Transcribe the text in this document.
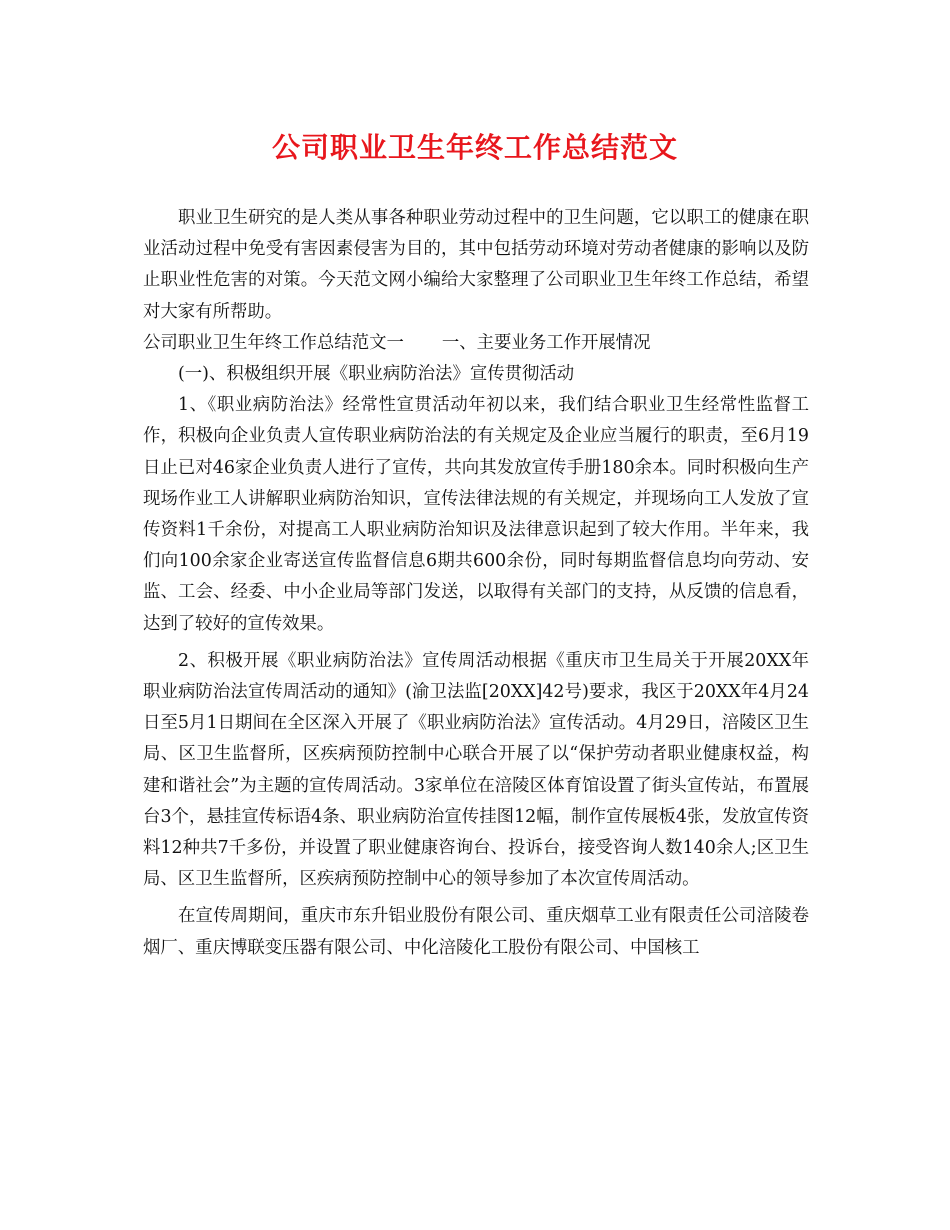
公司职业卫生年终工作总结范文

职业卫生研究的是人类从事各种职业劳动过程中的卫生问题，它以职工的健康在职业活动过程中免受有害因素侵害为目的，其中包括劳动环境对劳动者健康的影响以及防止职业性危害的对策。今天范文网小编给大家整理了公司职业卫生年终工作总结，希望对大家有所帮助。

公司职业卫生年终工作总结范文一 一、主要业务工作开展情况

(一)、积极组织开展《职业病防治法》宣传贯彻活动

1、《职业病防治法》经常性宣贯活动年初以来，我们结合职业卫生经常性监督工作，积极向企业负责人宣传职业病防治法的有关规定及企业应当履行的职责，至6月19日止已对46家企业负责人进行了宣传，共向其发放宣传手册180余本。同时积极向生产现场作业工人讲解职业病防治知识，宣传法律法规的有关规定，并现场向工人发放了宣传资料1千余份，对提高工人职业病防治知识及法律意识起到了较大作用。半年来，我们向100余家企业寄送宣传监督信息6期共600余份，同时每期监督信息均向劳动、安监、工会、经委、中小企业局等部门发送，以取得有关部门的支持，从反馈的信息看，达到了较好的宣传效果。

2、积极开展《职业病防治法》宣传周活动根据《重庆市卫生局关于开展20XX年职业病防治法宣传周活动的通知》(渝卫法监[20XX]42号)要求，我区于20XX年4月24日至5月1日期间在全区深入开展了《职业病防治法》宣传活动。4月29日，涪陵区卫生局、区卫生监督所，区疾病预防控制中心联合开展了以“保护劳动者职业健康权益，构建和谐社会”为主题的宣传周活动。3家单位在涪陵区体育馆设置了街头宣传站，布置展台3个，悬挂宣传标语4条、职业病防治宣传挂图12幅，制作宣传展板4张，发放宣传资料12种共7千多份，并设置了职业健康咨询台、投诉台，接受咨询人数140余人;区卫生局、区卫生监督所，区疾病预防控制中心的领导参加了本次宣传周活动。

在宣传周期间，重庆市东升铝业股份有限公司、重庆烟草工业有限责任公司涪陵卷烟厂、重庆博联变压器有限公司、中化涪陵化工股份有限公司、中国核工
